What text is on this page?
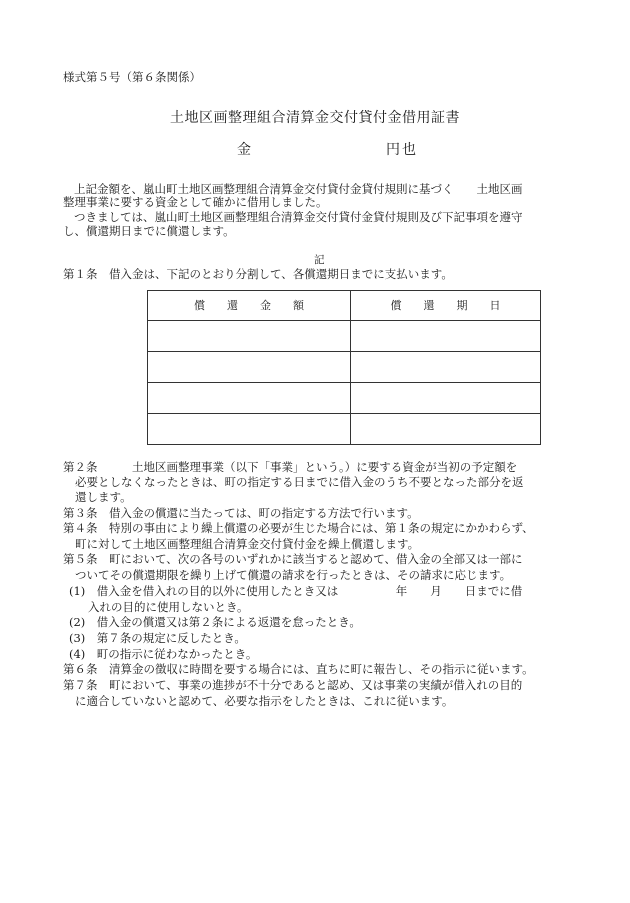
様式第５号（第６条関係）
土地区画整理組合清算金交付貸付金借用証書
金	円也
上記金額を、嵐山町土地区画整理組合清算金交付貸付金貸付規則に基づく　　土地区画
整理事業に要する資金として確かに借用しました。
つきましては、嵐山町土地区画整理組合清算金交付貸付金貸付規則及び下記事項を遵守
し、償還期日までに償還します。
記
第１条　借入金は、下記のとおり分割して、各償還期日までに支払います。
償　　還　　金　　額	償　　還　　期　　日

第２条　　　土地区画整理事業（以下「事業」という。）に要する資金が当初の予定額を
必要としなくなったときは、町の指定する日までに借入金のうち不要となった部分を返
還します。
第３条　借入金の償還に当たっては、町の指定する方法で行います。
第４条　特別の事由により繰上償還の必要が生じた場合には、第１条の規定にかかわらず、
町に対して土地区画整理組合清算金交付貸付金を繰上償還します。
第５条　町において、次の各号のいずれかに該当すると認めて、借入金の全部又は一部に
ついてその償還期限を繰り上げて償還の請求を行ったときは、その請求に応じます。
(1)　借入金を借入れの目的以外に使用したとき又は　　　　　年　　月　　日までに借
入れの目的に使用しないとき。
(2)　借入金の償還又は第２条による返還を怠ったとき。
(3)　第７条の規定に反したとき。
(4)　町の指示に従わなかったとき。
第６条　清算金の徴収に時間を要する場合には、直ちに町に報告し、その指示に従います。
第７条　町において、事業の進捗が不十分であると認め、又は事業の実績が借入れの目的
に適合していないと認めて、必要な指示をしたときは、これに従います。
